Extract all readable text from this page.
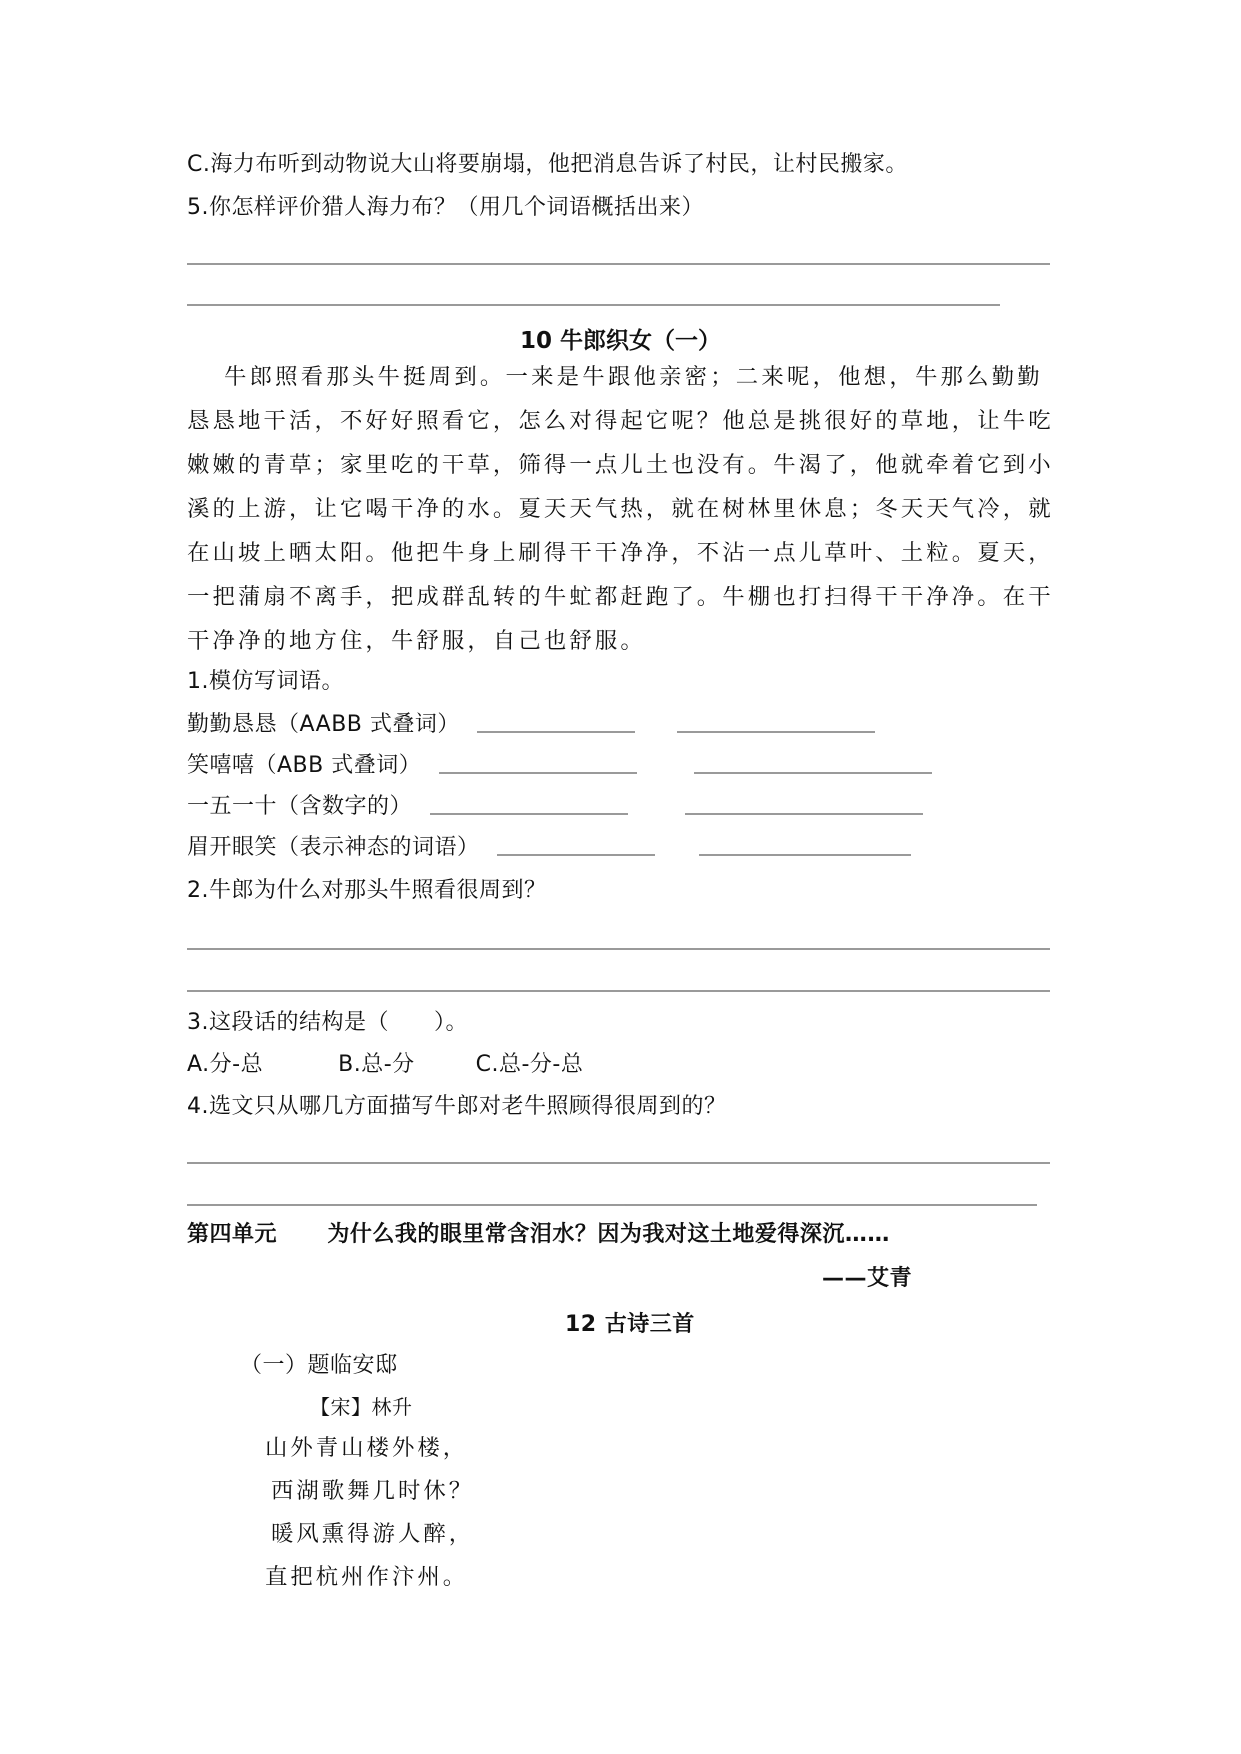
C.海力布听到动物说大山将要崩塌，他把消息告诉了村民，让村民搬家。
5.你怎样评价猎人海力布？（用几个词语概括出来）
10 牛郎织女（一）
牛郎照看那头牛挺周到。一来是牛跟他亲密；二来呢，他想，牛那么勤勤
恳恳地干活，不好好照看它，怎么对得起它呢？他总是挑很好的草地，让牛吃
嫩嫩的青草；家里吃的干草，筛得一点儿土也没有。牛渴了，他就牵着它到小
溪的上游，让它喝干净的水。夏天天气热，就在树林里休息；冬天天气冷，就
在山坡上晒太阳。他把牛身上刷得干干净净，不沾一点儿草叶、土粒。夏天，
一把蒲扇不离手，把成群乱转的牛虻都赶跑了。牛棚也打扫得干干净净。在干
干净净的地方住，牛舒服，自己也舒服。
1.模仿写词语。
勤勤恳恳（AABB 式叠词）
笑嘻嘻（ABB 式叠词）
一五一十（含数字的）
眉开眼笑（表示神态的词语）
2.牛郎为什么对那头牛照看很周到？
3.这段话的结构是（　　）。
A.分-总	B.总-分	C.总-分-总
4.选文只从哪几方面描写牛郎对老牛照顾得很周到的？
第四单元 为什么我的眼里常含泪水？因为我对这土地爱得深沉……
——艾青
12 古诗三首
（一）题临安邸
【宋】林升
山外青山楼外楼，
西湖歌舞几时休？
暖风熏得游人醉，
直把杭州作汴州。
